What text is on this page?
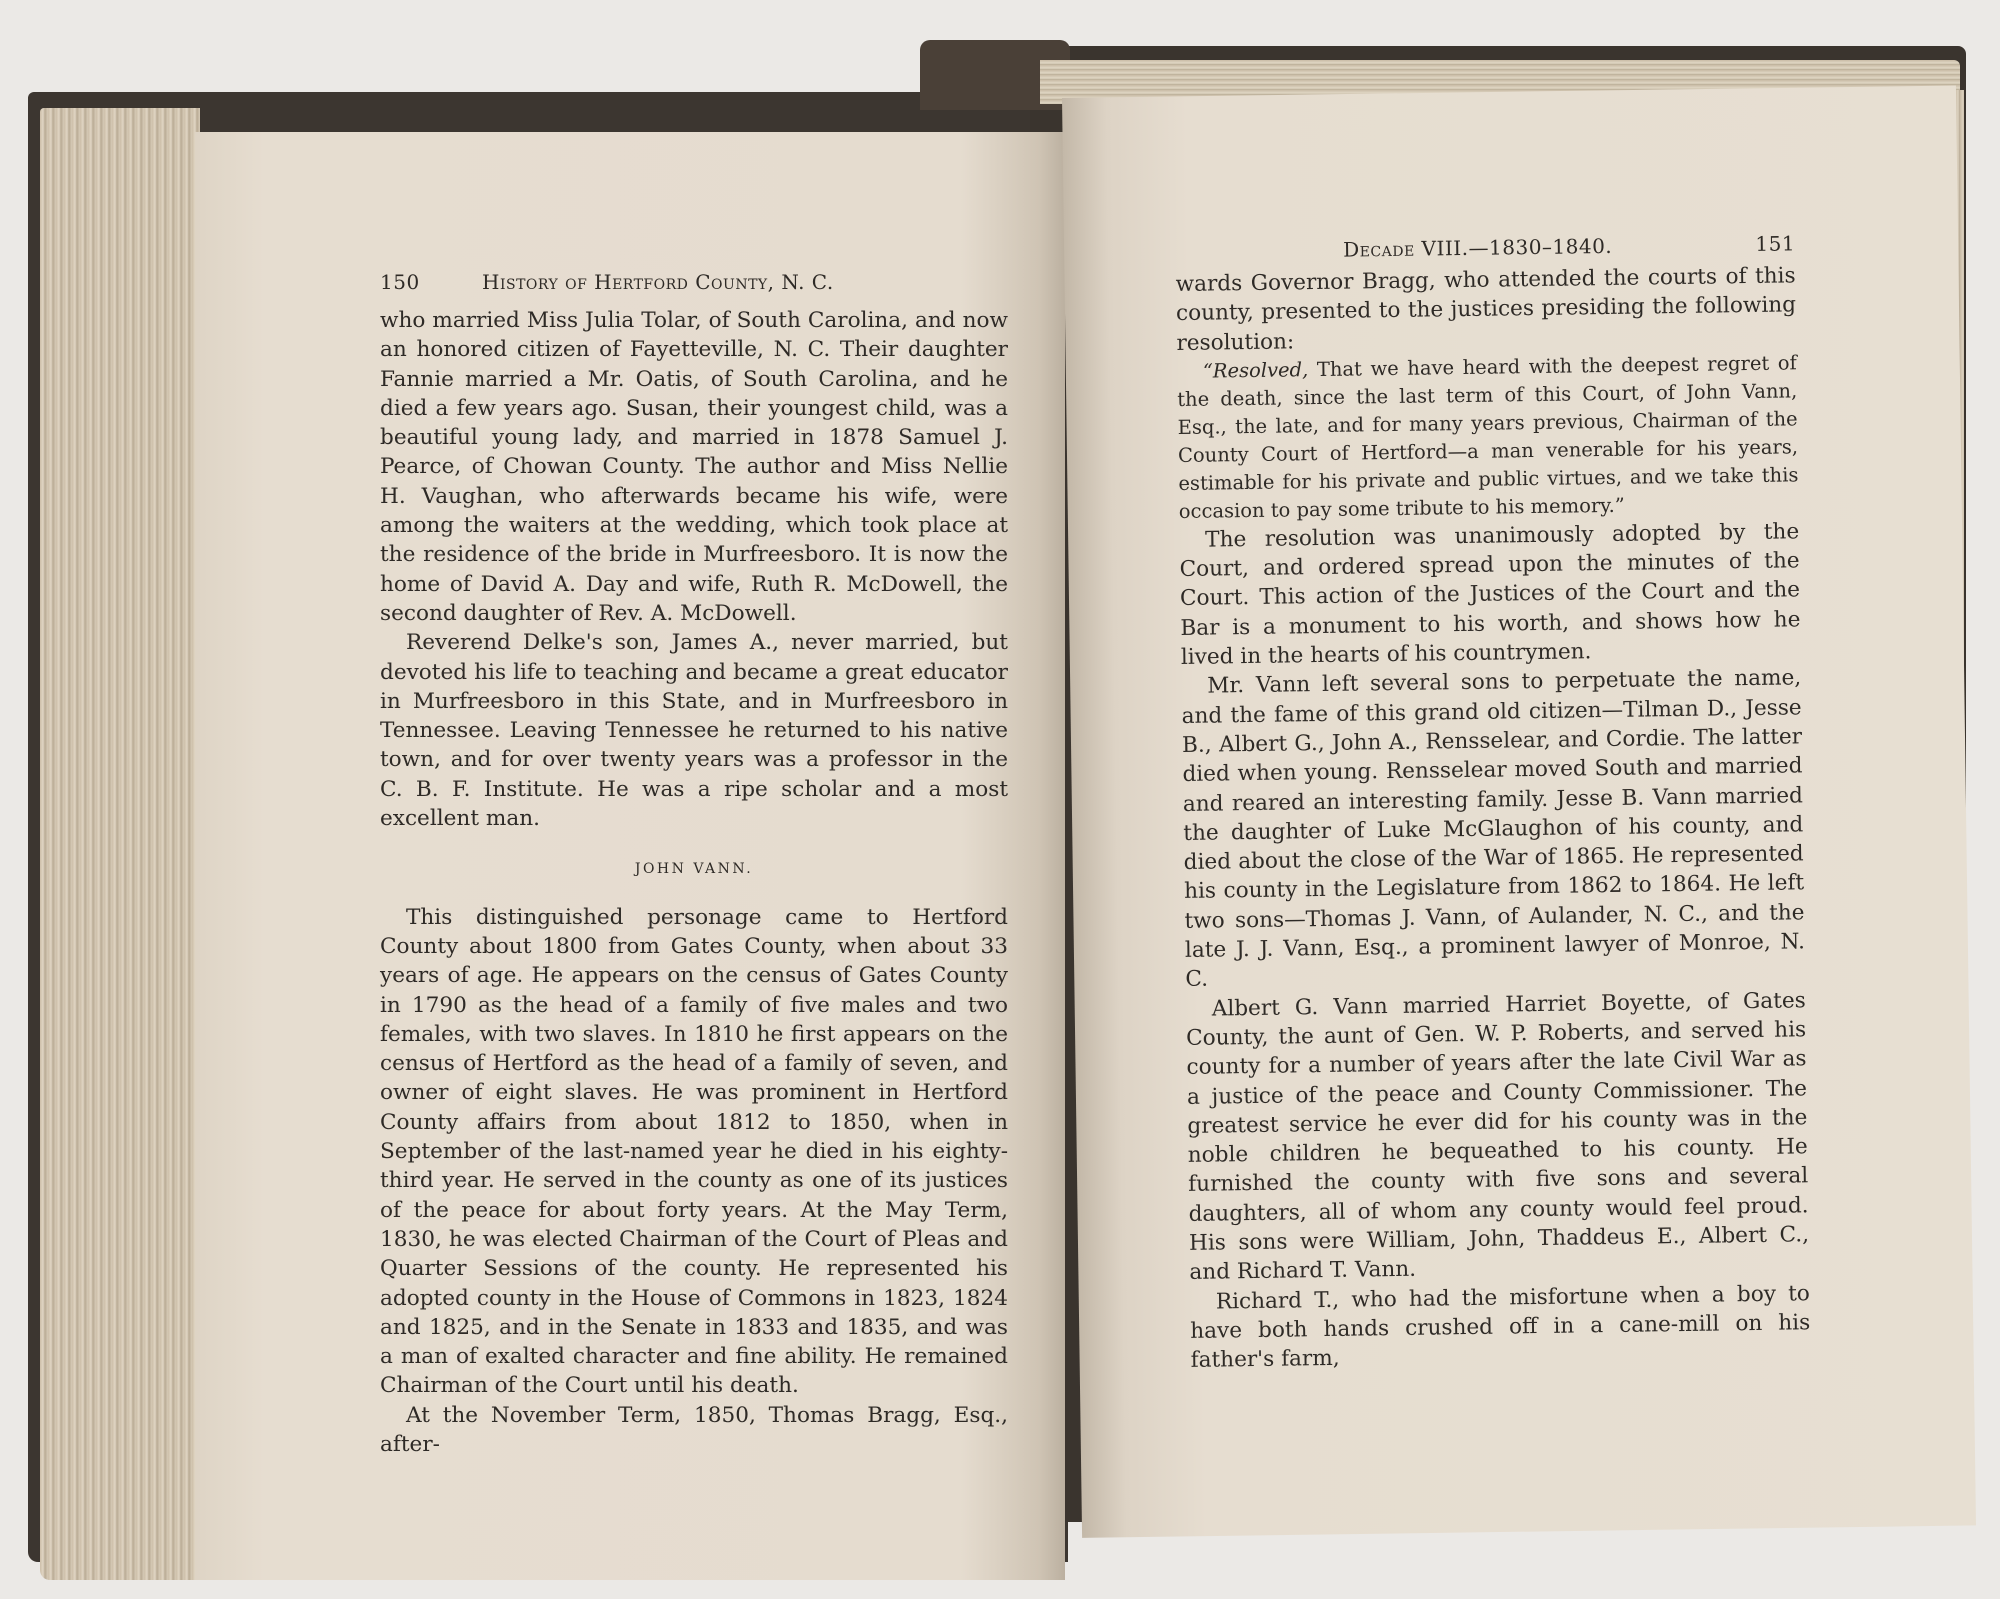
150	History of Hertford County, N. C.

who married Miss Julia Tolar, of South Carolina, and now an honored citizen of Fayetteville, N. C. Their daughter Fannie married a Mr. Oatis, of South Carolina, and he died a few years ago. Susan, their youngest child, was a beautiful young lady, and married in 1878 Samuel J. Pearce, of Chowan County. The author and Miss Nellie H. Vaughan, who afterwards became his wife, were among the waiters at the wedding, which took place at the residence of the bride in Murfreesboro. It is now the home of David A. Day and wife, Ruth R. McDowell, the second daughter of Rev. A. McDowell.

Reverend Delke's son, James A., never married, but devoted his life to teaching and became a great educator in Murfreesboro in this State, and in Murfreesboro in Tennessee. Leaving Tennessee he returned to his native town, and for over twenty years was a professor in the C. B. F. Institute. He was a ripe scholar and a most excellent man.

JOHN VANN.

This distinguished personage came to Hertford County about 1800 from Gates County, when about 33 years of age. He appears on the census of Gates County in 1790 as the head of a family of five males and two females, with two slaves. In 1810 he first appears on the census of Hertford as the head of a family of seven, and owner of eight slaves. He was prominent in Hertford County affairs from about 1812 to 1850, when in September of the last-named year he died in his eighty-third year. He served in the county as one of its justices of the peace for about forty years. At the May Term, 1830, he was elected Chairman of the Court of Pleas and Quarter Sessions of the county. He represented his adopted county in the House of Commons in 1823, 1824 and 1825, and in the Senate in 1833 and 1835, and was a man of exalted character and fine ability. He remained Chairman of the Court until his death.

At the November Term, 1850, Thomas Bragg, Esq., after-

Decade VIII.—1830–1840.	151

wards Governor Bragg, who attended the courts of this county, presented to the justices presiding the following resolution:

“Resolved, That we have heard with the deepest regret of the death, since the last term of this Court, of John Vann, Esq., the late, and for many years previous, Chairman of the County Court of Hertford—a man venerable for his years, estimable for his private and public virtues, and we take this occasion to pay some tribute to his memory.”

The resolution was unanimously adopted by the Court, and ordered spread upon the minutes of the Court. This action of the Justices of the Court and the Bar is a monument to his worth, and shows how he lived in the hearts of his countrymen.

Mr. Vann left several sons to perpetuate the name, and the fame of this grand old citizen—Tilman D., Jesse B., Albert G., John A., Rensselear, and Cordie. The latter died when young. Rensselear moved South and married and reared an interesting family. Jesse B. Vann married the daughter of Luke McGlaughon of his county, and died about the close of the War of 1865. He represented his county in the Legislature from 1862 to 1864. He left two sons—Thomas J. Vann, of Aulander, N. C., and the late J. J. Vann, Esq., a prominent lawyer of Monroe, N. C.

Albert G. Vann married Harriet Boyette, of Gates County, the aunt of Gen. W. P. Roberts, and served his county for a number of years after the late Civil War as a justice of the peace and County Commissioner. The greatest service he ever did for his county was in the noble children he bequeathed to his county. He furnished the county with five sons and several daughters, all of whom any county would feel proud. His sons were William, John, Thaddeus E., Albert C., and Richard T. Vann.

Richard T., who had the misfortune when a boy to have both hands crushed off in a cane-mill on his father's farm,
